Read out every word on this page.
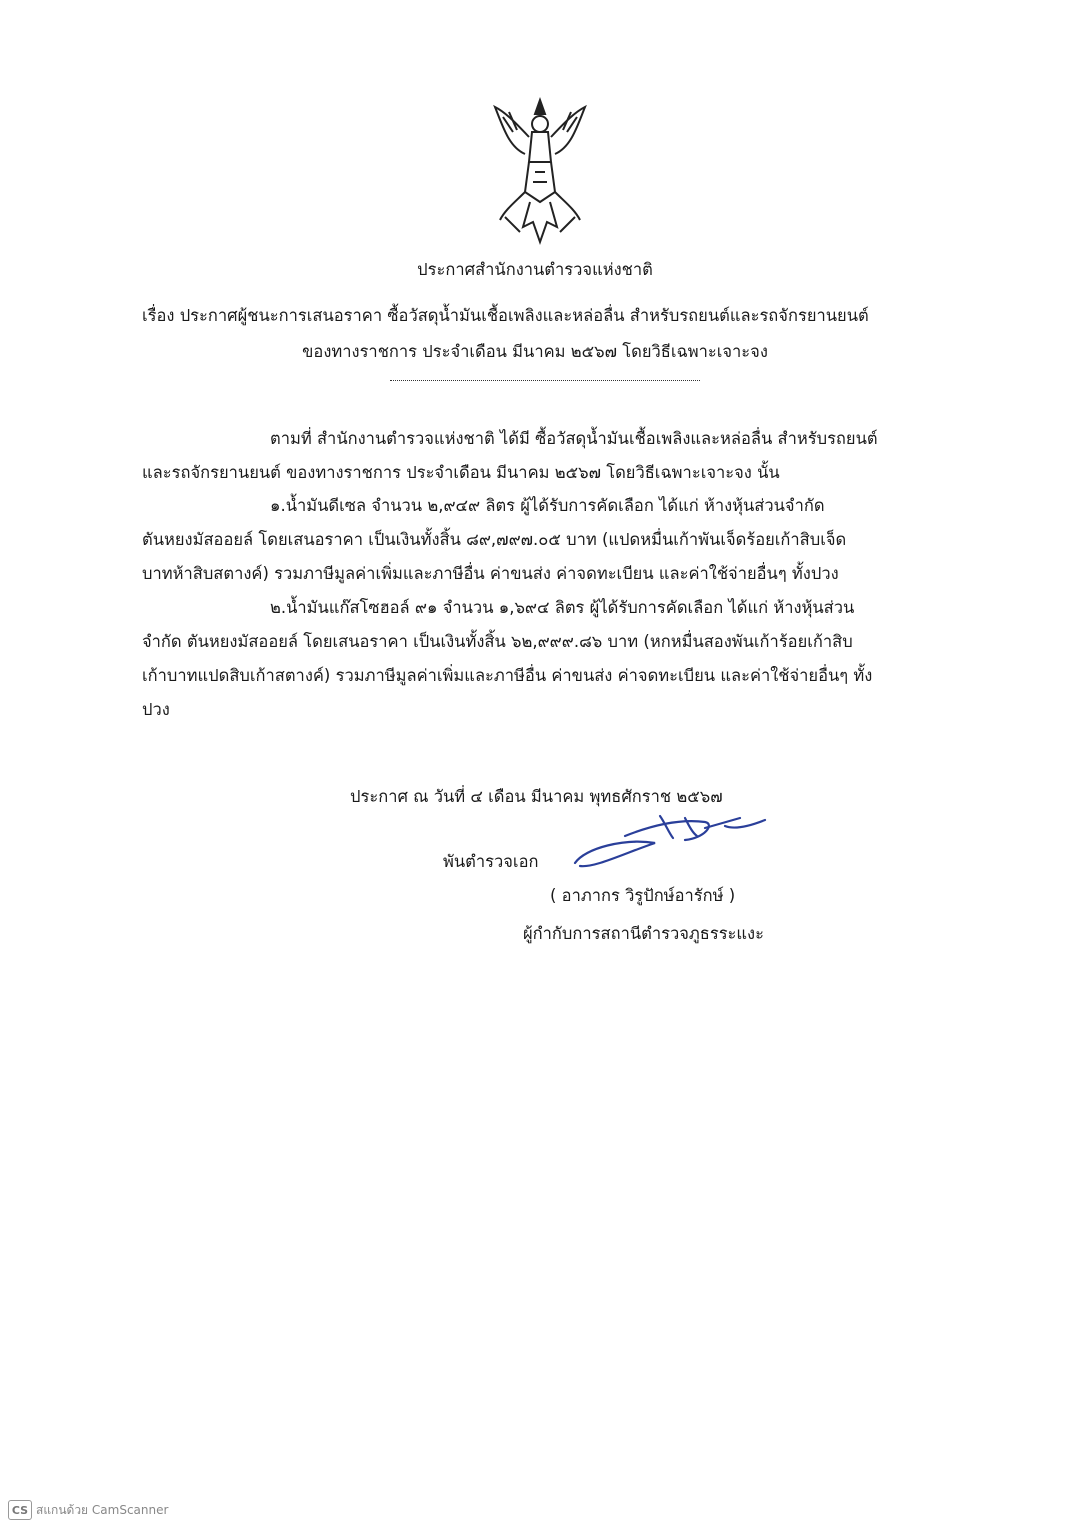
ประกาศสำนักงานตำรวจแห่งชาติ
เรื่อง ประกาศผู้ชนะการเสนอราคา ซื้อวัสดุน้ำมันเชื้อเพลิงและหล่อลื่น สำหรับรถยนต์และรถจักรยานยนต์
ของทางราชการ ประจำเดือน มีนาคม ๒๕๖๗ โดยวิธีเฉพาะเจาะจง
ตามที่ สำนักงานตำรวจแห่งชาติ ได้มี ซื้อวัสดุน้ำมันเชื้อเพลิงและหล่อลื่น สำหรับรถยนต์
และรถจักรยานยนต์ ของทางราชการ ประจำเดือน มีนาคม ๒๕๖๗ โดยวิธีเฉพาะเจาะจง นั้น
๑.น้ำมันดีเซล จำนวน ๒,๙๔๙ ลิตร ผู้ได้รับการคัดเลือก ได้แก่ ห้างหุ้นส่วนจำกัด
ตันหยงมัสออยล์ โดยเสนอราคา เป็นเงินทั้งสิ้น ๘๙,๗๙๗.๐๕ บาท (แปดหมื่นเก้าพันเจ็ดร้อยเก้าสิบเจ็ด
บาทห้าสิบสตางค์) รวมภาษีมูลค่าเพิ่มและภาษีอื่น ค่าขนส่ง ค่าจดทะเบียน และค่าใช้จ่ายอื่นๆ ทั้งปวง
๒.น้ำมันแก๊สโซฮอล์ ๙๑ จำนวน ๑,๖๙๔ ลิตร ผู้ได้รับการคัดเลือก ได้แก่ ห้างหุ้นส่วน
จำกัด ตันหยงมัสออยล์ โดยเสนอราคา เป็นเงินทั้งสิ้น ๖๒,๙๙๙.๘๖ บาท (หกหมื่นสองพันเก้าร้อยเก้าสิบ
เก้าบาทแปดสิบเก้าสตางค์) รวมภาษีมูลค่าเพิ่มและภาษีอื่น ค่าขนส่ง ค่าจดทะเบียน และค่าใช้จ่ายอื่นๆ ทั้ง
ปวง
ประกาศ ณ วันที่ ๔ เดือน มีนาคม พุทธศักราช ๒๕๖๗
พันตำรวจเอก
( อาภากร วิรูปักษ์อารักษ์ )
ผู้กำกับการสถานีตำรวจภูธรระแงะ
CS สแกนด้วย CamScanner
